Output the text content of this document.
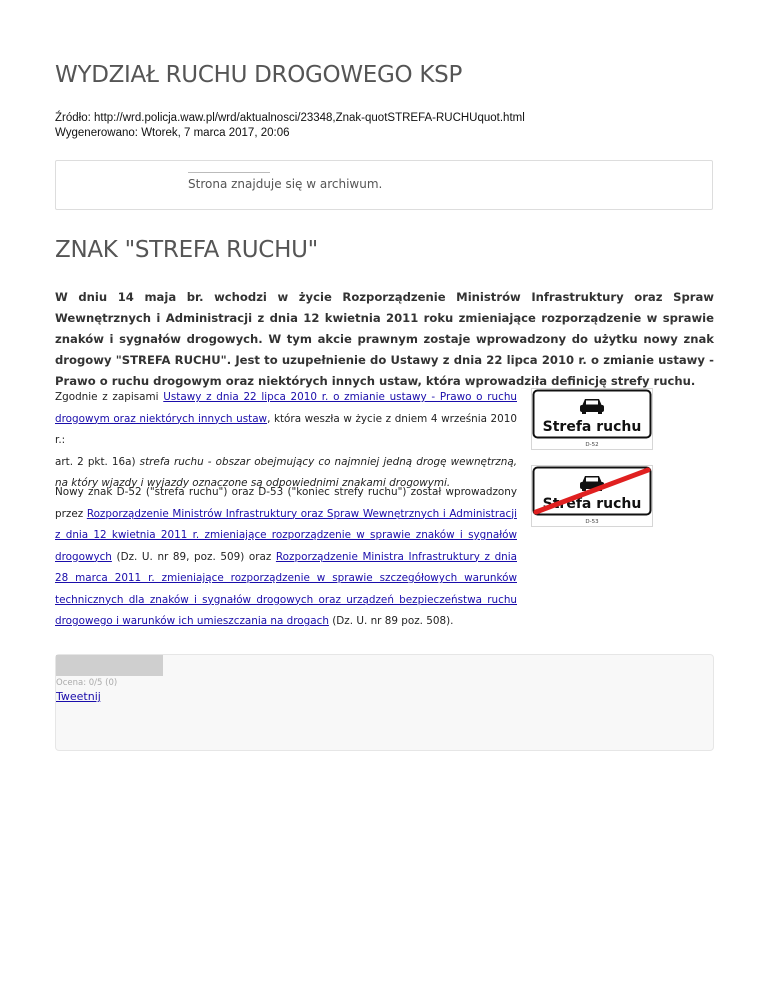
WYDZIAŁ RUCHU DROGOWEGO KSP
Źródło: http://wrd.policja.waw.pl/wrd/aktualnosci/23348,Znak-quotSTREFA-RUCHUquot.html
Wygenerowano: Wtorek, 7 marca 2017, 20:06
Strona znajduje się w archiwum.
ZNAK "STREFA RUCHU"

W dniu 14 maja br. wchodzi w życie Rozporządzenie Ministrów Infrastruktury oraz Spraw Wewnętrznych i Administracji z dnia 12 kwietnia 2011 roku zmieniające rozporządzenie w sprawie znaków i sygnałów drogowych. W tym akcie prawnym zostaje wprowadzony do użytku nowy znak drogowy "STREFA RUCHU". Jest to uzupełnienie do Ustawy z dnia 22 lipca 2010 r. o zmianie ustawy - Prawo o ruchu drogowym oraz niektórych innych ustaw, która wprowadziła definicję strefy ruchu.

Zgodnie z zapisami Ustawy z dnia 22 lipca 2010 r. o zmianie ustawy - Prawo o ruchu drogowym oraz niektórych innych ustaw, która weszła w życie z dniem 4 września 2010 r.:
art. 2 pkt. 16a) strefa ruchu - obszar obejmujący co najmniej jedną drogę wewnętrzną, na który wjazdy i wyjazdy oznaczone są odpowiednimi znakami drogowymi.

Nowy znak D-52 ("strefa ruchu") oraz D-53 ("koniec strefy ruchu") został wprowadzony przez Rozporządzenie Ministrów Infrastruktury oraz Spraw Wewnętrznych i Administracji z dnia 12 kwietnia 2011 r. zmieniające rozporządzenie w sprawie znaków i sygnałów drogowych (Dz. U. nr 89, poz. 509) oraz Rozporządzenie Ministra Infrastruktury z dnia 28 marca 2011 r. zmieniające rozporządzenie w sprawie szczegółowych warunków technicznych dla znaków i sygnałów drogowych oraz urządzeń bezpieczeństwa ruchu drogowego i warunków ich umieszczania na drogach (Dz. U. nr 89 poz. 508).

Strefa ruchu
D-52
Strefa ruchu
D-53
Ocena: 0/5 (0)
Tweetnij
